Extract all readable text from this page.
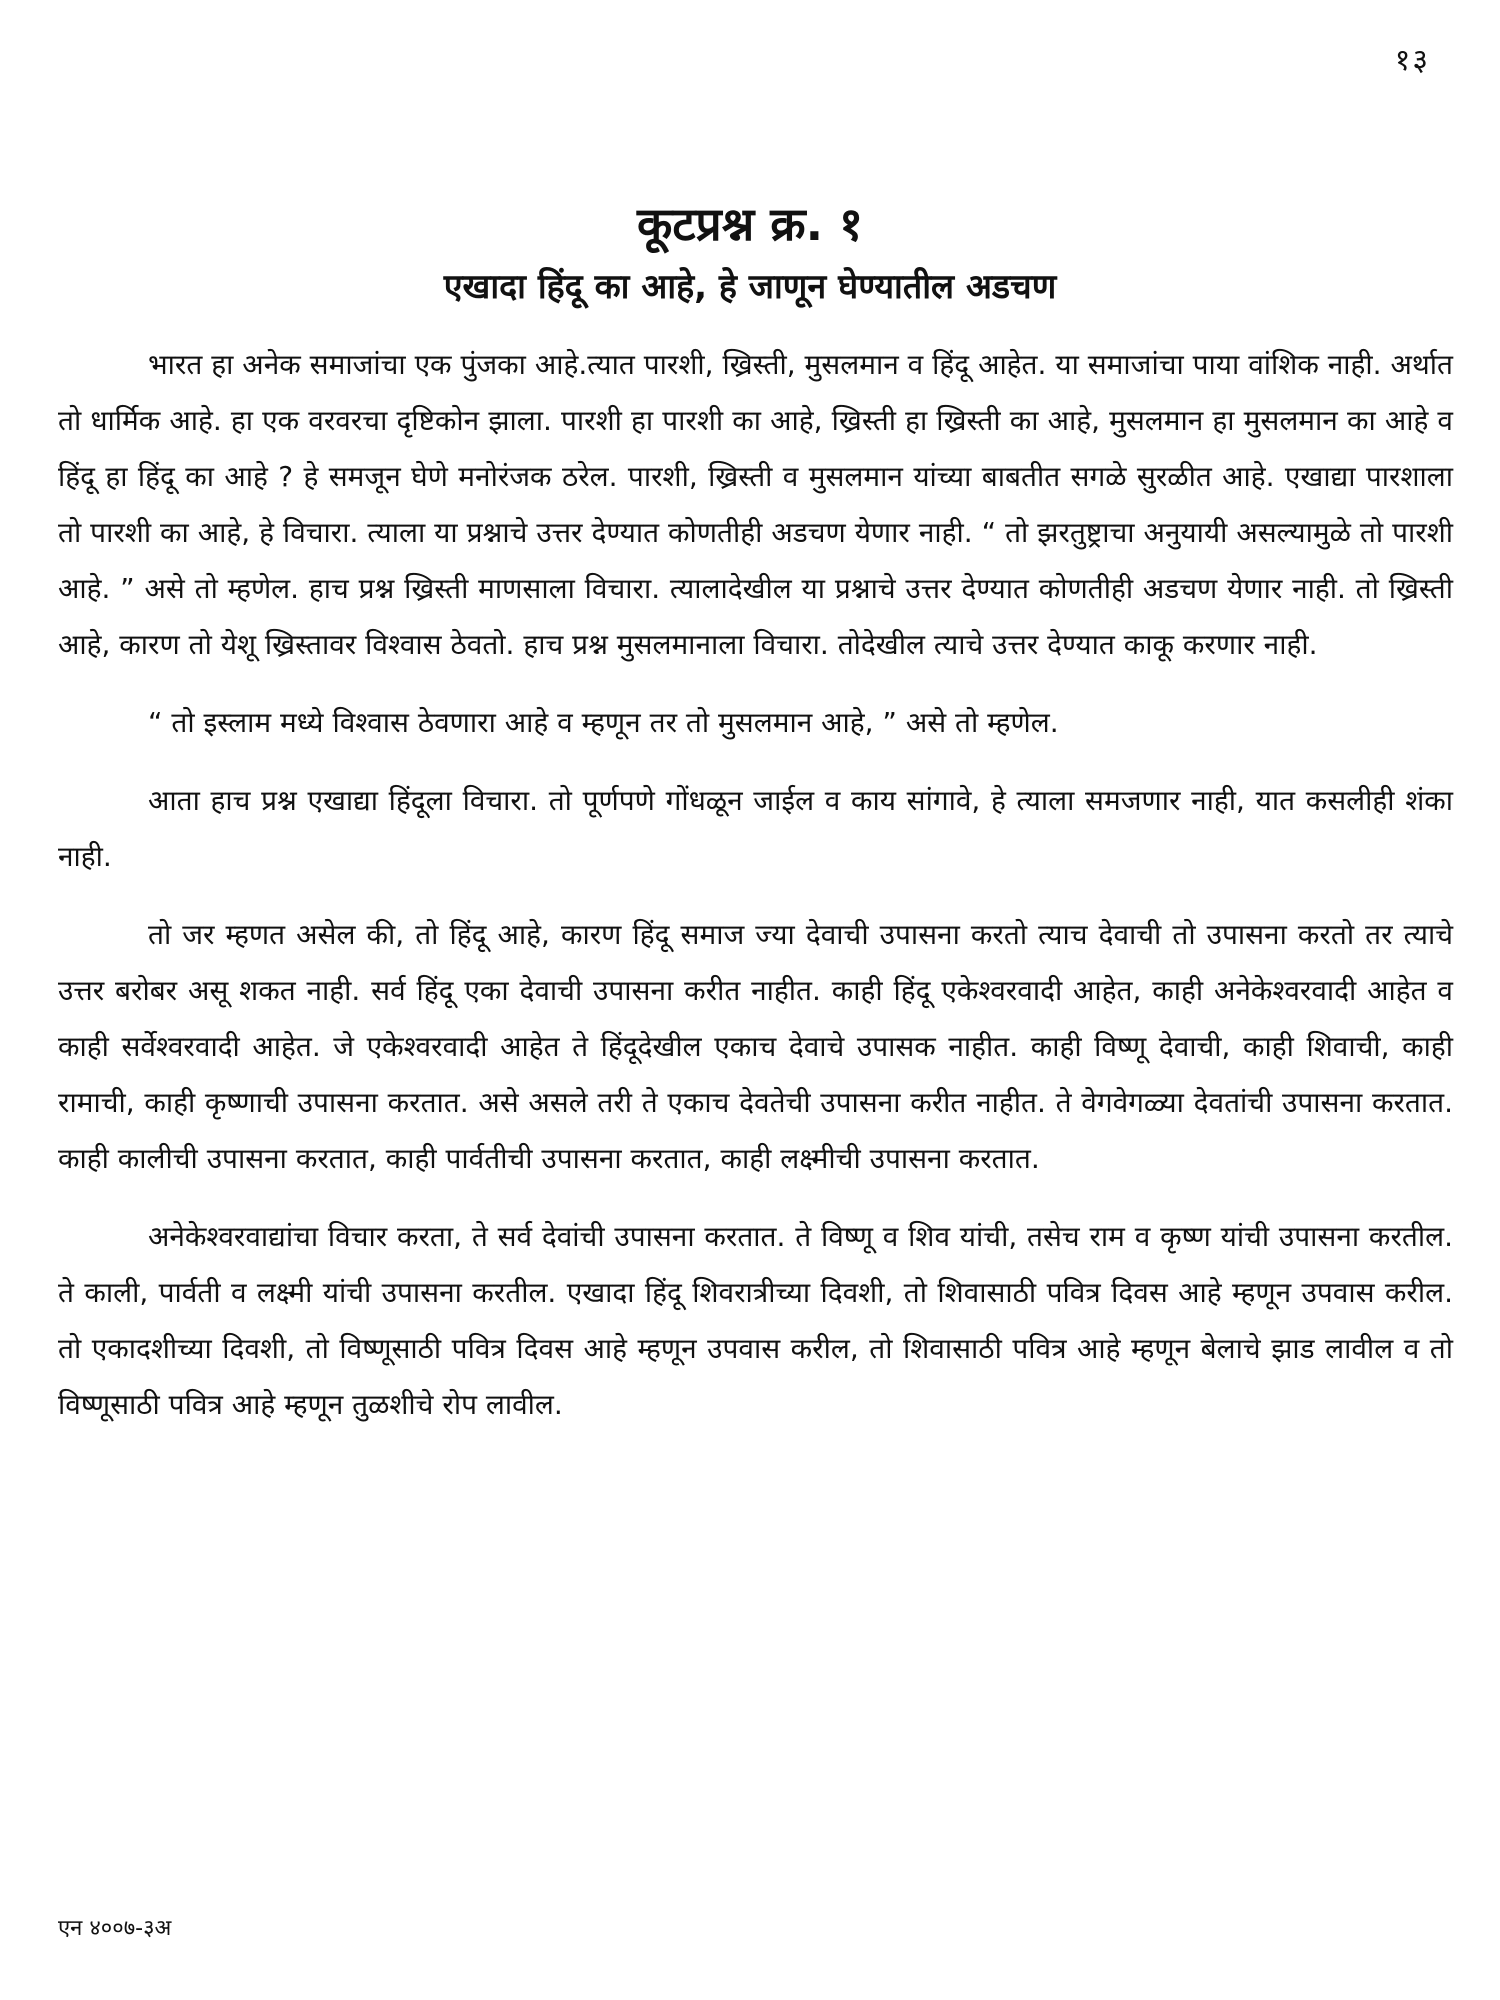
१३
कूटप्रश्न क्र. १
एखादा हिंदू का आहे, हे जाणून घेण्यातील अडचण

भारत हा अनेक समाजांचा एक पुंजका आहे.त्यात पारशी, ख्रिस्ती, मुसलमान व हिंदू आहेत. या समाजांचा पाया वांशिक नाही. अर्थात तो धार्मिक आहे. हा एक वरवरचा दृष्टिकोन झाला. पारशी हा पारशी का आहे, ख्रिस्ती हा ख्रिस्ती का आहे, मुसलमान हा मुसलमान का आहे व हिंदू हा हिंदू का आहे ? हे समजून घेणे मनोरंजक ठरेल. पारशी, ख्रिस्ती व मुसलमान यांच्या बाबतीत सगळे सुरळीत आहे. एखाद्या पारशाला तो पारशी का आहे, हे विचारा. त्याला या प्रश्नाचे उत्तर देण्यात कोणतीही अडचण येणार नाही. “ तो झरतुष्ट्राचा अनुयायी असल्यामुळे तो पारशी आहे. ” असे तो म्हणेल. हाच प्रश्न ख्रिस्ती माणसाला विचारा. त्यालादेखील या प्रश्नाचे उत्तर देण्यात कोणतीही अडचण येणार नाही. तो ख्रिस्ती आहे, कारण तो येशू ख्रिस्तावर विश्वास ठेवतो. हाच प्रश्न मुसलमानाला विचारा. तोदेखील त्याचे उत्तर देण्यात काकू करणार नाही.

“ तो इस्लाम मध्ये विश्वास ठेवणारा आहे व म्हणून तर तो मुसलमान आहे, ” असे तो म्हणेल.

आता हाच प्रश्न एखाद्या हिंदूला विचारा. तो पूर्णपणे गोंधळून जाईल व काय सांगावे, हे त्याला समजणार नाही, यात कसलीही शंका नाही.

तो जर म्हणत असेल की, तो हिंदू आहे, कारण हिंदू समाज ज्या देवाची उपासना करतो त्याच देवाची तो उपासना करतो तर त्याचे उत्तर बरोबर असू शकत नाही. सर्व हिंदू एका देवाची उपासना करीत नाहीत. काही हिंदू एकेश्वरवादी आहेत, काही अनेकेश्वरवादी आहेत व काही सर्वेश्वरवादी आहेत. जे एकेश्वरवादी आहेत ते हिंदूदेखील एकाच देवाचे उपासक नाहीत. काही विष्णू देवाची, काही शिवाची, काही रामाची, काही कृष्णाची उपासना करतात. असे असले तरी ते एकाच देवतेची उपासना करीत नाहीत. ते वेगवेगळ्या देवतांची उपासना करतात. काही कालीची उपासना करतात, काही पार्वतीची उपासना करतात, काही लक्ष्मीची उपासना करतात.

अनेकेश्वरवाद्यांचा विचार करता, ते सर्व देवांची उपासना करतात. ते विष्णू व शिव यांची, तसेच राम व कृष्ण यांची उपासना करतील. ते काली, पार्वती व लक्ष्मी यांची उपासना करतील. एखादा हिंदू शिवरात्रीच्या दिवशी, तो शिवासाठी पवित्र दिवस आहे म्हणून उपवास करील. तो एकादशीच्या दिवशी, तो विष्णूसाठी पवित्र दिवस आहे म्हणून उपवास करील, तो शिवासाठी पवित्र आहे म्हणून बेलाचे झाड लावील व तो विष्णूसाठी पवित्र आहे म्हणून तुळशीचे रोप लावील.

एन ४००७-३अ
